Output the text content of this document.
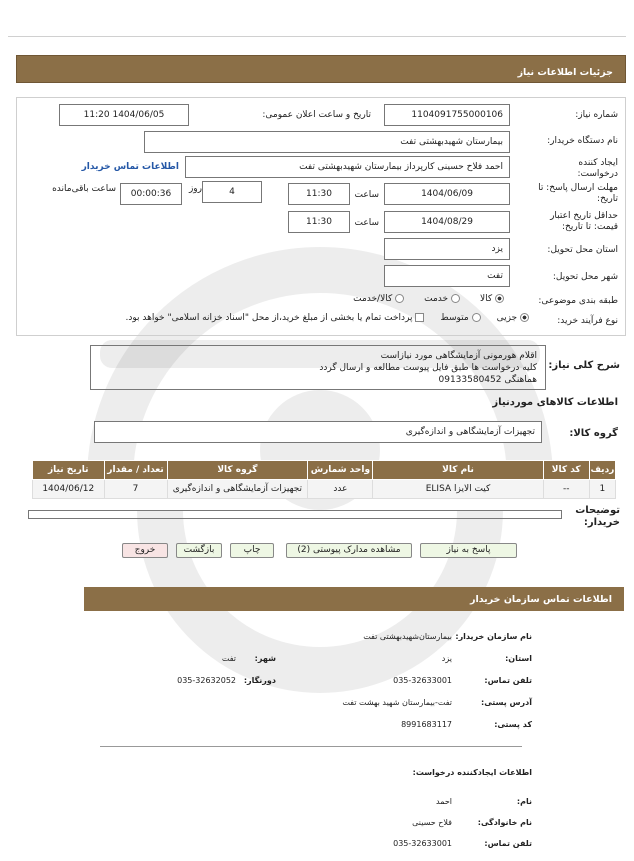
جزئیات اطلاعات نیاز
شماره نیاز:
1104091755000106
تاریخ و ساعت اعلان عمومی:
1404/06/05 11:20
نام دستگاه خریدار:
بیمارستان شهیدبهشتی تفت
ایجاد کننده درخواست:
احمد فلاح حسینی کارپرداز بیمارستان شهیدبهشتی تفت
اطلاعات تماس خریدار
مهلت ارسال پاسخ: تا تاریخ:
1404/06/09
ساعت
11:30
4
روز
00:00:36
ساعت باقی‌مانده
حداقل تاریخ اعتبار قیمت: تا تاریخ:
1404/08/29
ساعت
11:30
استان محل تحویل:
یزد
شهر محل تحویل:
تفت
طبقه بندی موضوعی:
کالا
خدمت
کالا/خدمت
نوع فرآیند خرید:
جزیی
متوسط
پرداخت تمام یا بخشی از مبلغ خرید،از محل "اسناد خزانه اسلامی" خواهد بود.
شرح کلی نیاز:
اقلام هورمونی آزمایشگاهی مورد نیازاست
کلیه درخواست ها طبق فایل پیوست مطالعه و ارسال گردد
هماهنگی 09133580452
اطلاعات کالاهای موردنیاز
گروه کالا:
تجهیزات آزمایشگاهی و اندازه‌گیری
ردیف	کد کالا	نام کالا	واحد شمارش	گروه کالا	تعداد / مقدار	تاریخ نیاز
1	--	کیت الایزا ELISA	عدد	تجهیزات آزمایشگاهی و اندازه‌گیری	7	1404/06/12
توضیحات خریدار:
پاسخ به نیاز
مشاهده مدارک پیوستی (2)
چاپ
بازگشت
خروج
اطلاعات تماس سازمان خریدار
نام سازمان خریدار:
بیمارستان‌شهیدبهشتی تفت
استان:
یزد
شهر:
تفت
تلفن تماس:
035-32633001
دورنگار:
035-32632052
آدرس پستی:
تفت-بیمارستان شهید بهشت تفت
کد پستی:
8991683117
اطلاعات ایجادکننده درخواست:
نام:
احمد
نام خانوادگی:
فلاح حسینی
تلفن تماس:
035-32633001
